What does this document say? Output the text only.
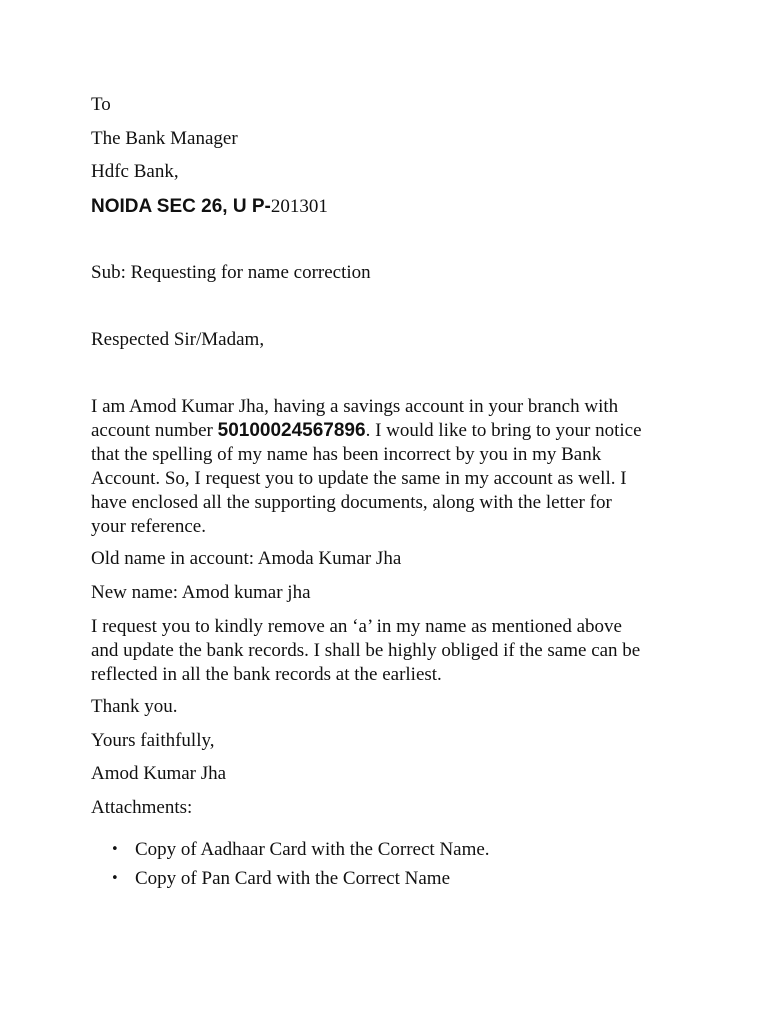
To
The Bank Manager
Hdfc Bank,
NOIDA SEC 26, U P-201301
Sub: Requesting for name correction
Respected Sir/Madam,
I am Amod Kumar Jha, having a savings account in your branch with
account number 50100024567896. I would like to bring to your notice
that the spelling of my name has been incorrect by you in my Bank
Account. So, I request you to update the same in my account as well. I
have enclosed all the supporting documents, along with the letter for
your reference.
Old name in account: Amoda Kumar Jha
New name: Amod kumar jha
I request you to kindly remove an ‘a’ in my name as mentioned above
and update the bank records. I shall be highly obliged if the same can be
reflected in all the bank records at the earliest.
Thank you.
Yours faithfully,
Amod Kumar Jha
Attachments:
• Copy of Aadhaar Card with the Correct Name.
• Copy of Pan Card with the Correct Name
